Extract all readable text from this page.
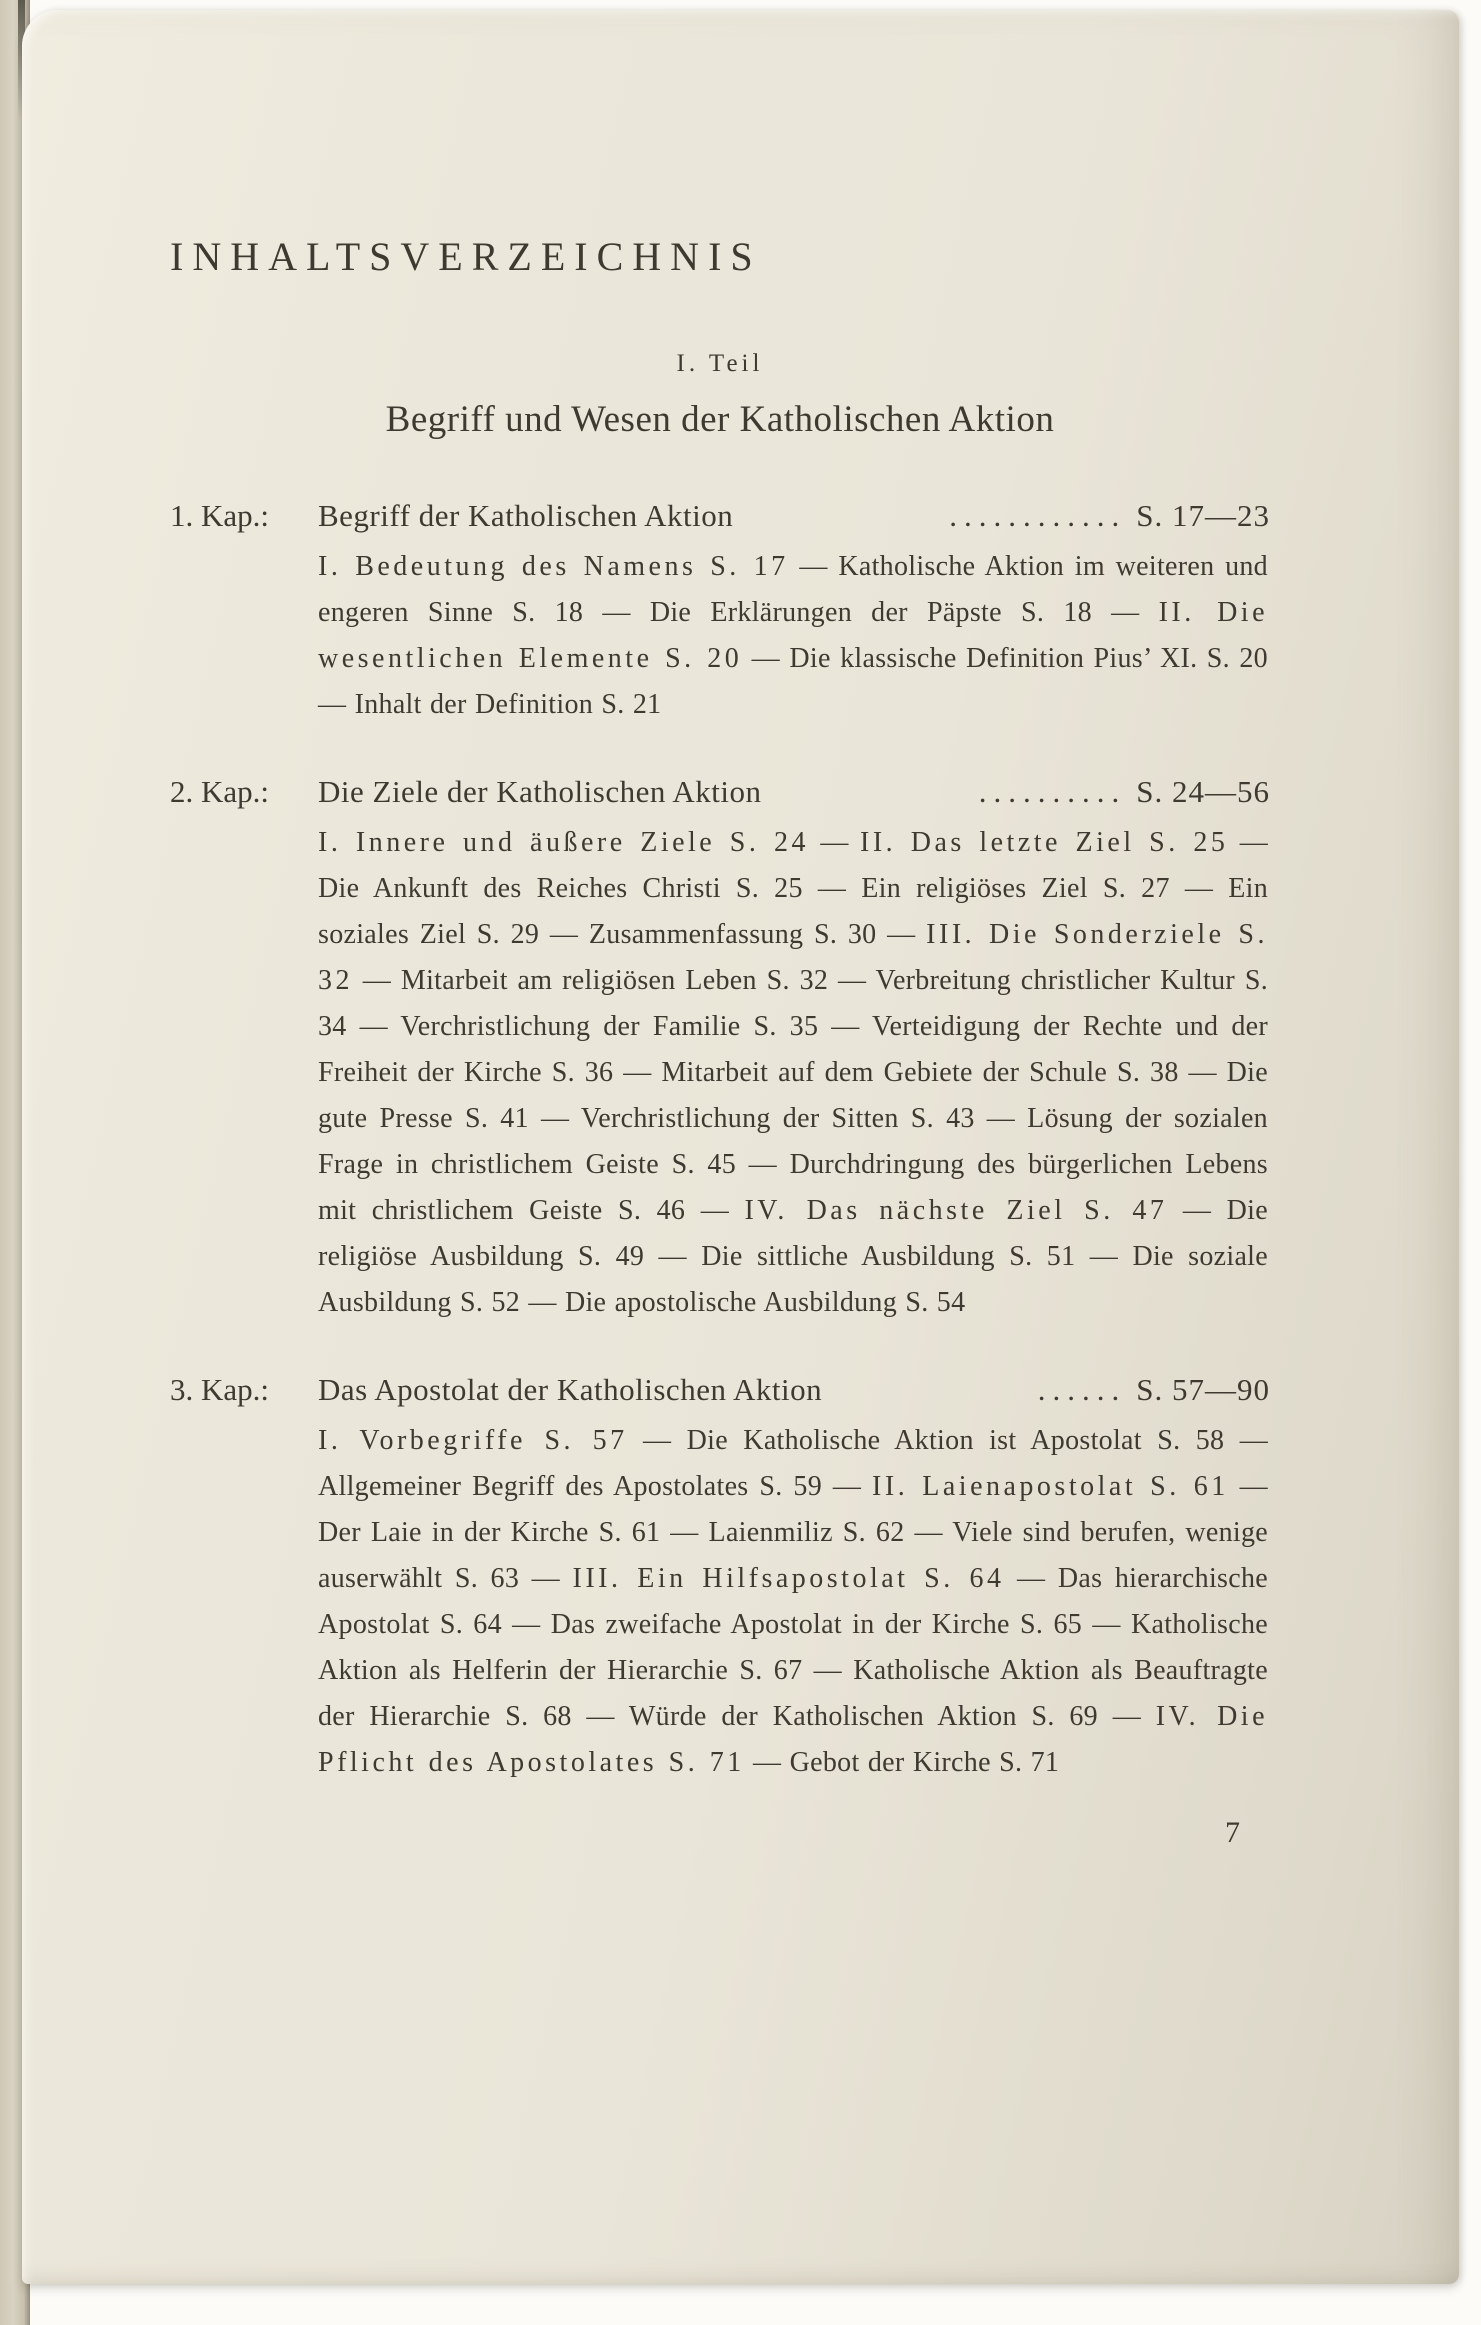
INHALTSVERZEICHNIS
I. Teil
Begriff und Wesen der Katholischen Aktion
1. Kap.:	Begriff der Katholischen Aktion	............ S. 17—23

I. Bedeutung des Namens S. 17 — Katholische Aktion im weiteren und engeren Sinne S. 18 — Die Erklärungen der Päpste S. 18 — II. Die wesentlichen Elemente S. 20 — Die klassische Definition Pius’ XI. S. 20 — Inhalt der Definition S. 21

2. Kap.:	Die Ziele der Katholischen Aktion	.......... S. 24—56

I. Innere und äußere Ziele S. 24 — II. Das letzte Ziel S. 25 — Die Ankunft des Reiches Christi S. 25 — Ein religiöses Ziel S. 27 — Ein soziales Ziel S. 29 — Zusammenfassung S. 30 — III. Die Sonderziele S. 32 — Mitarbeit am religiösen Leben S. 32 — Verbreitung christlicher Kultur S. 34 — Verchristlichung der Familie S. 35 — Verteidigung der Rechte und der Freiheit der Kirche S. 36 — Mitarbeit auf dem Gebiete der Schule S. 38 — Die gute Presse S. 41 — Verchristlichung der Sitten S. 43 — Lösung der sozialen Frage in christlichem Geiste S. 45 — Durchdringung des bürgerlichen Lebens mit christlichem Geiste S. 46 — IV. Das nächste Ziel S. 47 — Die religiöse Ausbildung S. 49 — Die sittliche Ausbildung S. 51 — Die soziale Ausbildung S. 52 — Die apostolische Ausbildung S. 54

3. Kap.:	Das Apostolat der Katholischen Aktion	...... S. 57—90

I. Vorbegriffe S. 57 — Die Katholische Aktion ist Apostolat S. 58 — Allgemeiner Begriff des Apostolates S. 59 — II. Laienapostolat S. 61 — Der Laie in der Kirche S. 61 — Laienmiliz S. 62 — Viele sind berufen, wenige auserwählt S. 63 — III. Ein Hilfsapostolat S. 64 — Das hierarchische Apostolat S. 64 — Das zweifache Apostolat in der Kirche S. 65 — Katholische Aktion als Helferin der Hierarchie S. 67 — Katholische Aktion als Beauftragte der Hierarchie S. 68 — Würde der Katholischen Aktion S. 69 — IV. Die Pflicht des Apostolates S. 71 — Gebot der Kirche S. 71

7
